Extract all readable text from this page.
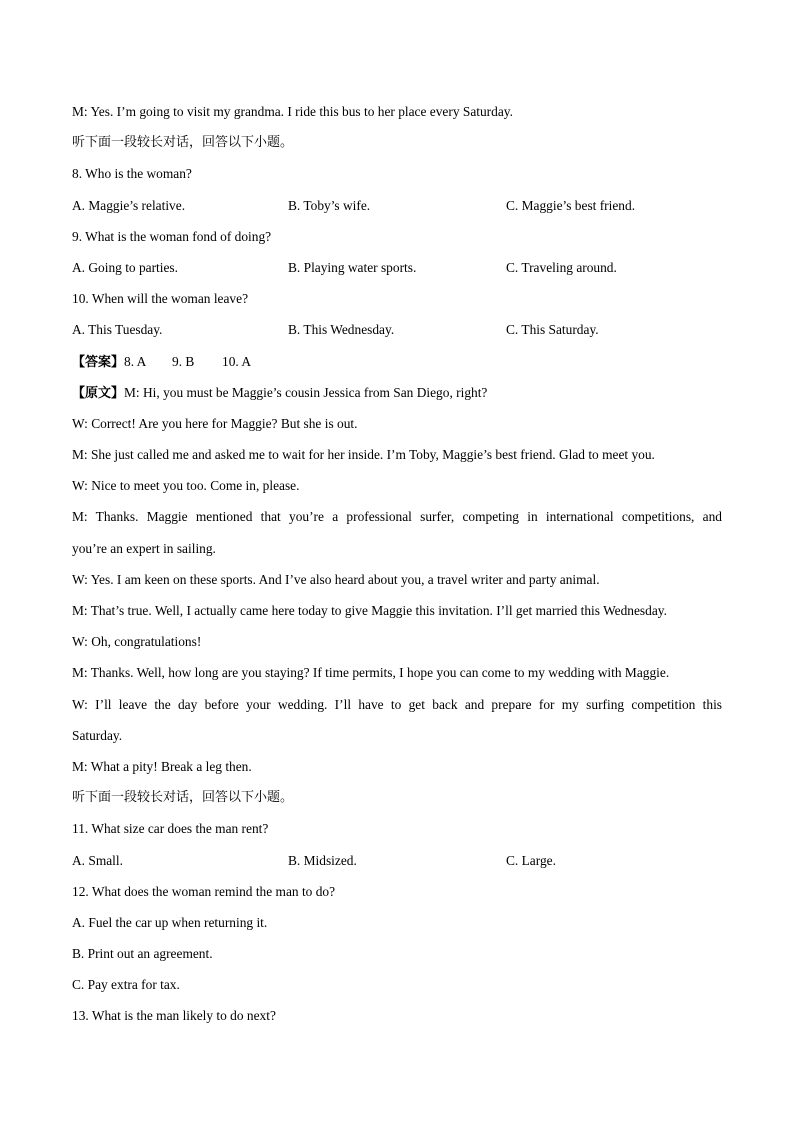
M: Yes. I’m going to visit my grandma. I ride this bus to her place every Saturday.
听下面一段较长对话，回答以下小题。
8. Who is the woman?
A. Maggie’s relative.	B. Toby’s wife.	C. Maggie’s best friend.
9. What is the woman fond of doing?
A. Going to parties.	B. Playing water sports.	C. Traveling around.
10. When will the woman leave?
A. This Tuesday.	B. This Wednesday.	C. This Saturday.
【答案】8. A 9. B 10. A
【原文】M: Hi, you must be Maggie’s cousin Jessica from San Diego, right?
W: Correct! Are you here for Maggie? But she is out.
M: She just called me and asked me to wait for her inside. I’m Toby, Maggie’s best friend. Glad to meet you.
W: Nice to meet you too. Come in, please.
M: Thanks. Maggie mentioned that you’re a professional surfer, competing in international competitions, and
you’re an expert in sailing.
W: Yes. I am keen on these sports. And I’ve also heard about you, a travel writer and party animal.
M: That’s true. Well, I actually came here today to give Maggie this invitation. I’ll get married this Wednesday.
W: Oh, congratulations!
M: Thanks. Well, how long are you staying? If time permits, I hope you can come to my wedding with Maggie.
W: I’ll leave the day before your wedding. I’ll have to get back and prepare for my surfing competition this
Saturday.
M: What a pity! Break a leg then.
听下面一段较长对话，回答以下小题。
11. What size car does the man rent?
A. Small.	B. Midsized.	C. Large.
12. What does the woman remind the man to do?
A. Fuel the car up when returning it.
B. Print out an agreement.
C. Pay extra for tax.
13. What is the man likely to do next?
